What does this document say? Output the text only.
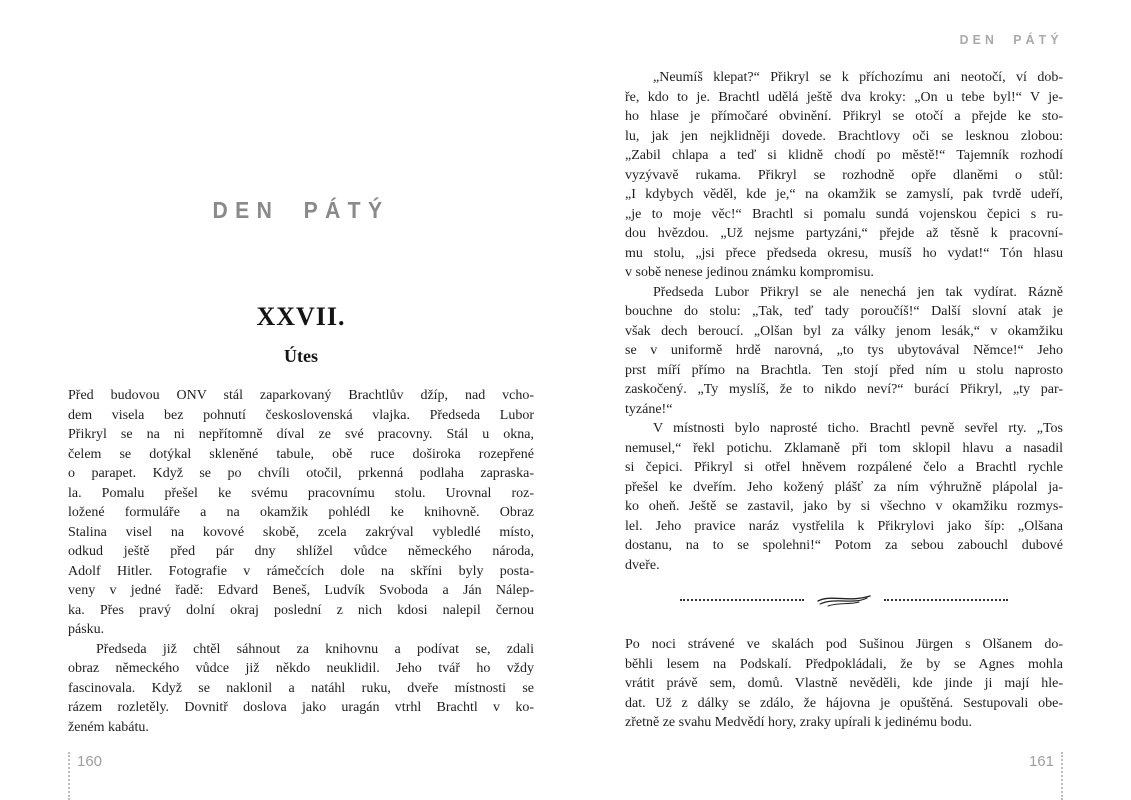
DEN PÁTÝ
XXVII.
Útes
Před budovou ONV stál zaparkovaný Brachtlův džíp, nad vcho-
dem visela bez pohnutí československá vlajka. Předseda Lubor
Přikryl se na ni nepřítomně díval ze své pracovny. Stál u okna,
čelem se dotýkal skleněné tabule, obě ruce doširoka rozepřené
o parapet. Když se po chvíli otočil, prkenná podlaha zapraska-
la. Pomalu přešel ke svému pracovnímu stolu. Urovnal roz-
ložené formuláře a na okamžik pohlédl ke knihovně. Obraz
Stalina visel na kovové skobě, zcela zakrýval vybledlé místo,
odkud ještě před pár dny shlížel vůdce německého národa,
Adolf Hitler. Fotografie v rámečcích dole na skříni byly posta-
veny v jedné řadě: Edvard Beneš, Ludvík Svoboda a Ján Nálep-
ka. Přes pravý dolní okraj poslední z nich kdosi nalepil černou
pásku.
Předseda již chtěl sáhnout za knihovnu a podívat se, zdali
obraz německého vůdce již někdo neuklidil. Jeho tvář ho vždy
fascinovala. Když se naklonil a natáhl ruku, dveře místnosti se
rázem rozletěly. Dovnitř doslova jako uragán vtrhl Brachtl v ko-
ženém kabátu.
DEN PÁTÝ
„Neumíš klepat?“ Přikryl se k příchozímu ani neotočí, ví dob-
ře, kdo to je. Brachtl udělá ještě dva kroky: „On u tebe byl!“ V je-
ho hlase je přímočaré obvinění. Přikryl se otočí a přejde ke sto-
lu, jak jen nejklidněji dovede. Brachtlovy oči se lesknou zlobou:
„Zabil chlapa a teď si klidně chodí po městě!“ Tajemník rozhodí
vyzývavě rukama. Přikryl se rozhodně opře dlaněmi o stůl:
„I kdybych věděl, kde je,“ na okamžik se zamyslí, pak tvrdě udeří,
„je to moje věc!“ Brachtl si pomalu sundá vojenskou čepici s ru-
dou hvězdou. „Už nejsme partyzáni,“ přejde až těsně k pracovní-
mu stolu, „jsi přece předseda okresu, musíš ho vydat!“ Tón hlasu
v sobě nenese jedinou známku kompromisu.
Předseda Lubor Přikryl se ale nenechá jen tak vydírat. Rázně
bouchne do stolu: „Tak, teď tady poroučíš!“ Další slovní atak je
však dech beroucí. „Olšan byl za války jenom lesák,“ v okamžiku
se v uniformě hrdě narovná, „to tys ubytovával Němce!“ Jeho
prst míří přímo na Brachtla. Ten stojí před ním u stolu naprosto
zaskočený. „Ty myslíš, že to nikdo neví?“ burácí Přikryl, „ty par-
tyzáne!“
V místnosti bylo naprosté ticho. Brachtl pevně sevřel rty. „Tos
nemusel,“ řekl potichu. Zklamaně při tom sklopil hlavu a nasadil
si čepici. Přikryl si otřel hněvem rozpálené čelo a Brachtl rychle
přešel ke dveřím. Jeho kožený plášť za ním výhružně plápolal ja-
ko oheň. Ještě se zastavil, jako by si všechno v okamžiku rozmys-
lel. Jeho pravice naráz vystřelila k Přikrylovi jako šíp: „Olšana
dostanu, na to se spolehni!“ Potom za sebou zabouchl dubové
dveře.
Po noci strávené ve skalách pod Sušinou Jürgen s Olšanem do-
běhli lesem na Podskalí. Předpokládali, že by se Agnes mohla
vrátit právě sem, domů. Vlastně nevěděli, kde jinde ji mají hle-
dat. Už z dálky se zdálo, že hájovna je opuštěná. Sestupovali obe-
zřetně ze svahu Medvědí hory, zraky upírali k jedinému bodu.
160	161
